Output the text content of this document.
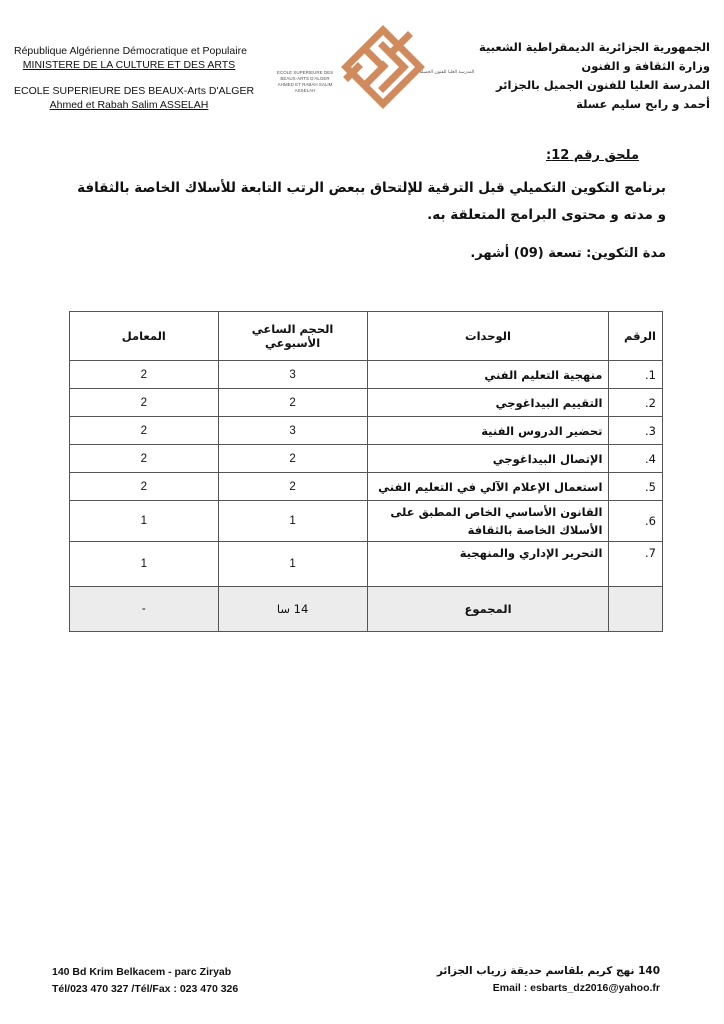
République Algérienne Démocratique et Populaire
MINISTERE DE LA CULTURE ET DES ARTS
ECOLE SUPERIEURE DES BEAUX-Arts D'ALGER
Ahmed et Rabah Salim ASSELAH
ECOLE SUPERIEURE DES BEAUX-ARTS D'ALGER AHMED ET RABAH SALIM ASSELAH
المدرسة العليا للفنون الجميلة
الجمهورية الجزائرية الديمقراطية الشعبية
وزارة الثقافة و الفنون
المدرسة العليا للفنون الجميل بالجزائر
أحمد و رابح سليم عسلة
ملحق رقم 12:
برنامج التكوين التكميلي قبل الترقية للإلتحاق ببعض الرتب التابعة للأسلاك الخاصة بالثقافة و مدته و محتوى البرامج المتعلقة به.
مدة التكوين: تسعة (09) أشهر.
الرقم	الوحدات	الحجم الساعي الأسبوعي	المعامل
1.	منهجية التعليم الفني	3	2
2.	التقييم البيداغوجي	2	2
3.	تحضير الدروس الفنية	3	2
4.	الإتصال البيداغوجي	2	2
5.	استعمال الإعلام الآلي في التعليم الفني	2	2
6.	القانون الأساسي الخاص المطبق على الأسلاك الخاصة بالثقافة	1	1
7.	التحرير الإداري والمنهجية	1	1
	المجموع	14 سا	-
140 Bd Krim Belkacem - parc Ziryab
Tél/023 470 327 /Tél/Fax : 023 470 326
140 نهج كريم بلقاسم حديقة زرياب الجزائر
Email : esbarts_dz2016@yahoo.fr
